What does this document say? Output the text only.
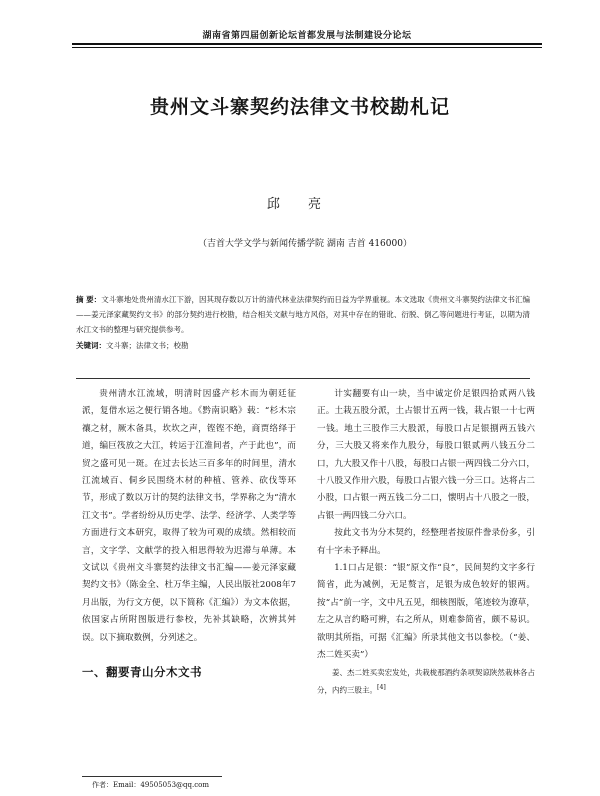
湖南省第四届创新论坛首都发展与法制建设分论坛
贵州文斗寨契约法律文书校勘札记
邱 亮
（吉首大学文学与新闻传播学院 湖南 吉首 416000）
摘 要：文斗寨地处贵州清水江下游，因其现存数以万计的清代林业法律契约而日益为学界重视。本文选取《贵州文斗寨契约法律文书汇编——姜元泽家藏契约文书》的部分契约进行校勘，结合相关文献与地方风俗，对其中存在的错讹、衍脱、倒乙等问题进行考证，以期为清水江文书的整理与研究提供参考。
关键词：文斗寨；法律文书；校勘

贵州清水江流域，明清时因盛产杉木而为朝廷征派，复借水运之便行销各地。《黔南识略》载：“杉木宗禳之材，厥木备具，坎坎之声，铿铿不绝，商贾络绎于道，编巨筏放之大江，转运于江淮间者，产于此也”，而贸之盛可见一斑。在过去长达三百多年的时间里，清水江流域百、侗乡民围绕木材的种植、管养、砍伐等环节，形成了数以万计的契约法律文书，学界称之为“清水江文书”。学者纷纷从历史学、法学、经济学、人类学等方面进行文本研究，取得了较为可观的成绩。然相较而言，文字学、文献学的投入相思得较为迟滞与单薄。本文试以《贵州文斗寨契约法律文书汇编——姜元泽家藏契约文书》（陈金全、杜万华主编，人民出版社2008年7月出版，为行文方便，以下简称《汇编》）为文本依据，依国家占所附图版进行参校，先补其缺略，次辨其舛误。以下摘取数例，分列述之。

一、翻要青山分木文书

计实翻要有山一块，当中诚定价足银四拾贰两八钱正。土栽五股分派，土占银廿五两一钱，栽占银一十七两一钱。地土三股作三大股派，每股口占足银捌两五钱六分，三大股又将来作九股分，每股口银贰两八钱五分二口，九大股又作十八股，每股口占银一两四钱二分六口，十八股又作卅六股，每股口占银六钱一分三口。达将占二小股，口占银一两五钱二分二口，懐明占十八股之一股，占银一两四钱二分六口。

按此文书为分木契约，经整理者按原件誊录份多，引有十字未予释出。

1.1口占足银：“银”原文作“良”，民间契约文字多行简省，此为减例，无足赘言，足银为成色较好的银两。按“占”前一字，文中凡五见，细核图版，笔迹较为潦草，左之从言约略可辨，右之所从，则难参简省，颇不易识。欲明其所指，可据《汇编》所录其他文书以参校。（“姜、杰二姓买卖”）

姜、杰二姓买卖宏发处，共栽栊那酒约条项契谅陕然栽林各占分，内约三股主。[4]

作者：Email：49505053@qq.com
